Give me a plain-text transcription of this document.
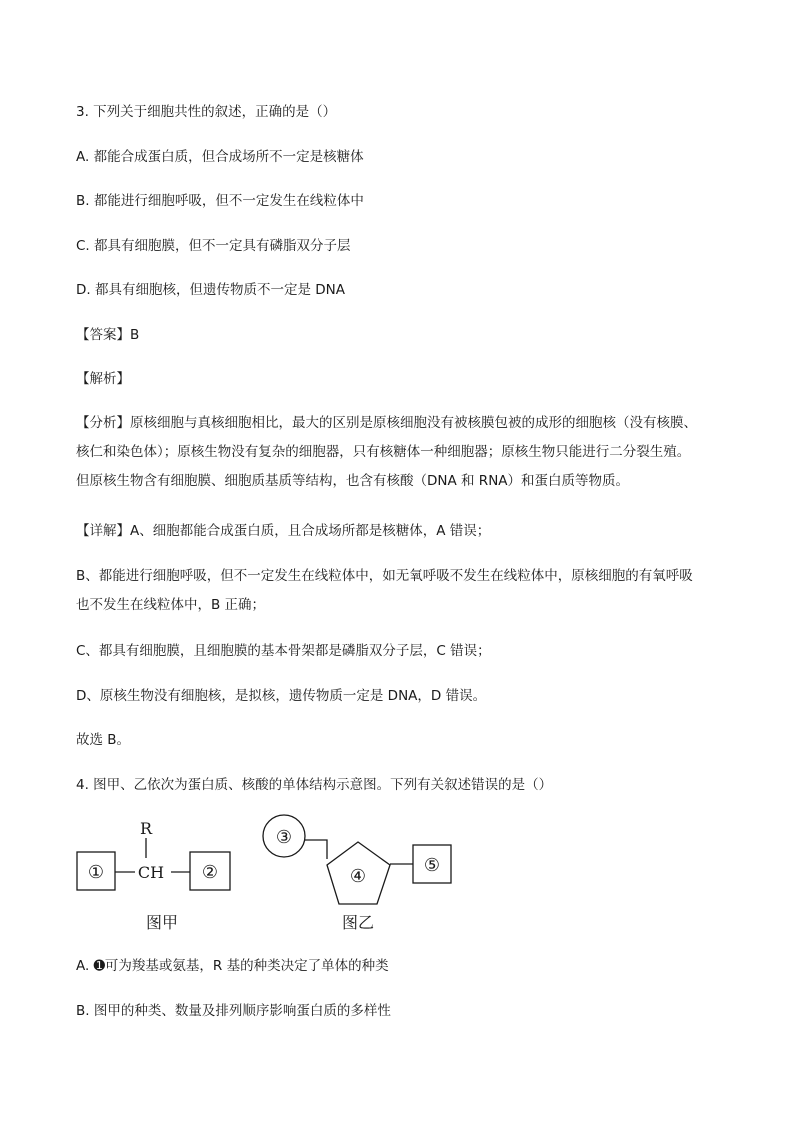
3. 下列关于细胞共性的叙述，正确的是（）
A. 都能合成蛋白质，但合成场所不一定是核糖体
B. 都能进行细胞呼吸，但不一定发生在线粒体中
C. 都具有细胞膜，但不一定具有磷脂双分子层
D. 都具有细胞核，但遗传物质不一定是 DNA
【答案】B
【解析】
【分析】原核细胞与真核细胞相比，最大的区别是原核细胞没有被核膜包被的成形的细胞核（没有核膜、
核仁和染色体）；原核生物没有复杂的细胞器，只有核糖体一种细胞器；原核生物只能进行二分裂生殖。
但原核生物含有细胞膜、细胞质基质等结构，也含有核酸（DNA 和 RNA）和蛋白质等物质。
【详解】A、细胞都能合成蛋白质，且合成场所都是核糖体，A 错误；
B、都能进行细胞呼吸，但不一定发生在线粒体中，如无氧呼吸不发生在线粒体中，原核细胞的有氧呼吸
也不发生在线粒体中，B 正确；
C、都具有细胞膜，且细胞膜的基本骨架都是磷脂双分子层，C 错误；
D、原核生物没有细胞核，是拟核，遗传物质一定是 DNA，D 错误。
故选 B。
4. 图甲、乙依次为蛋白质、核酸的单体结构示意图。下列有关叙述错误的是（）
①
R
CH ②
图甲
③
④
⑤
图乙
A. ➊可为羧基或氨基，R 基的种类决定了单体的种类
B. 图甲的种类、数量及排列顺序影响蛋白质的多样性
